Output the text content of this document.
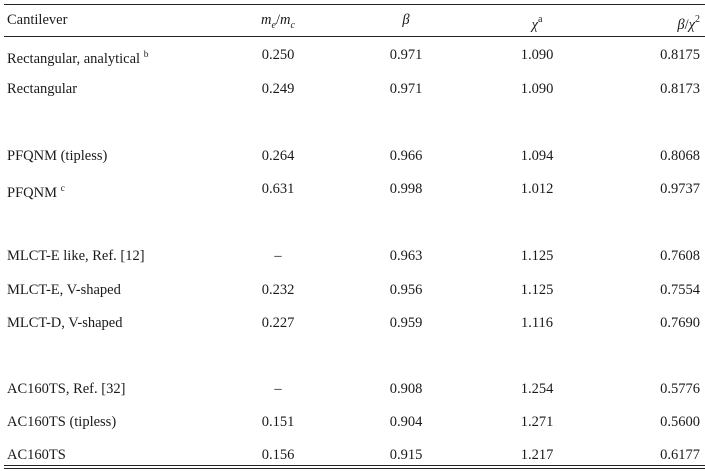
Cantilever	$m_e/m_c$	β	$\chi^a$	$\beta/\chi^2$
Rectangular, analytical $^b$	0.250	0.971	1.090	0.8175
Rectangular	0.249	0.971	1.090	0.8173
PFQNM (tipless)	0.264	0.966	1.094	0.8068
PFQNM $^c$	0.631	0.998	1.012	0.9737
MLCT-E like, Ref. [12]	–	0.963	1.125	0.7608
MLCT-E, V-shaped	0.232	0.956	1.125	0.7554
MLCT-D, V-shaped	0.227	0.959	1.116	0.7690
AC160TS, Ref. [32]	–	0.908	1.254	0.5776
AC160TS (tipless)	0.151	0.904	1.271	0.5600
AC160TS	0.156	0.915	1.217	0.6177
